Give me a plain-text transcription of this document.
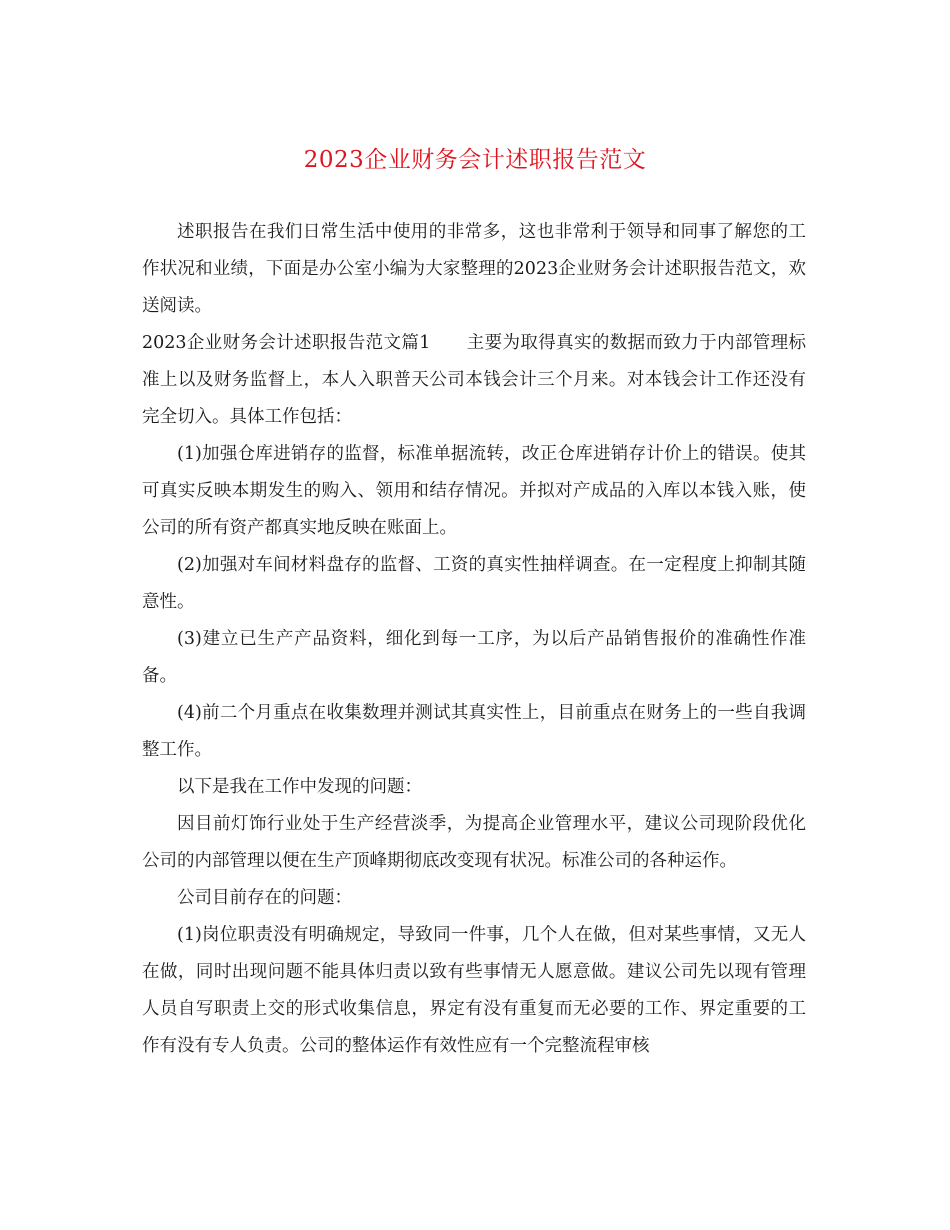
2023企业财务会计述职报告范文

述职报告在我们日常生活中使用的非常多，这也非常利于领导和同事了解您的工作状况和业绩，下面是办公室小编为大家整理的2023企业财务会计述职报告范文，欢送阅读。

2023企业财务会计述职报告范文篇1 主要为取得真实的数据而致力于内部管理标准上以及财务监督上，本人入职普天公司本钱会计三个月来。对本钱会计工作还没有完全切入。具体工作包括：

(1)加强仓库进销存的监督，标准单据流转，改正仓库进销存计价上的错误。使其可真实反映本期发生的购入、领用和结存情况。并拟对产成品的入库以本钱入账，使公司的所有资产都真实地反映在账面上。

(2)加强对车间材料盘存的监督、工资的真实性抽样调查。在一定程度上抑制其随意性。

(3)建立已生产产品资料，细化到每一工序，为以后产品销售报价的准确性作准备。

(4)前二个月重点在收集数理并测试其真实性上，目前重点在财务上的一些自我调整工作。

以下是我在工作中发现的问题：

因目前灯饰行业处于生产经营淡季，为提高企业管理水平，建议公司现阶段优化公司的内部管理以便在生产顶峰期彻底改变现有状况。标准公司的各种运作。

公司目前存在的问题：

(1)岗位职责没有明确规定，导致同一件事，几个人在做，但对某些事情，又无人在做，同时出现问题不能具体归责以致有些事情无人愿意做。建议公司先以现有管理人员自写职责上交的形式收集信息，界定有没有重复而无必要的工作、界定重要的工作有没有专人负责。公司的整体运作有效性应有一个完整流程审核
